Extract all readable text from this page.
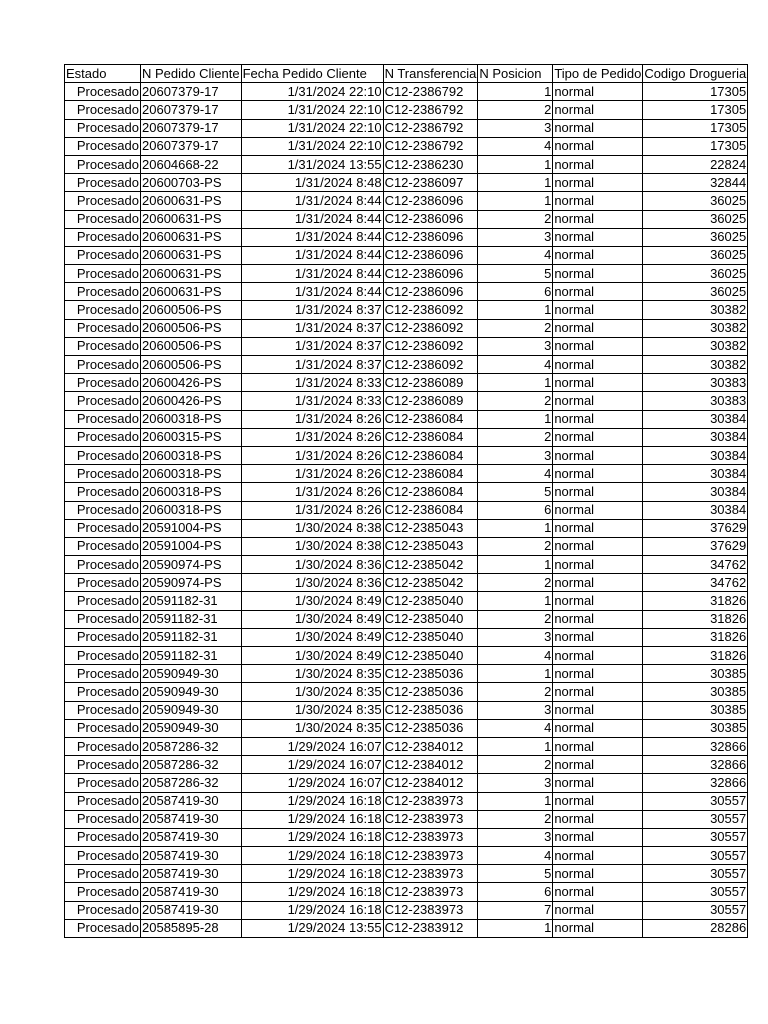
Estado	N Pedido Cliente	Fecha Pedido Cliente	N Transferencia	N Posicion	Tipo de Pedido	Codigo Drogueria
Procesado	20607379-17	1/31/2024 22:10	C12-2386792	1	normal	17305
Procesado	20607379-17	1/31/2024 22:10	C12-2386792	2	normal	17305
Procesado	20607379-17	1/31/2024 22:10	C12-2386792	3	normal	17305
Procesado	20607379-17	1/31/2024 22:10	C12-2386792	4	normal	17305
Procesado	20604668-22	1/31/2024 13:55	C12-2386230	1	normal	22824
Procesado	20600703-PS	1/31/2024 8:48	C12-2386097	1	normal	32844
Procesado	20600631-PS	1/31/2024 8:44	C12-2386096	1	normal	36025
Procesado	20600631-PS	1/31/2024 8:44	C12-2386096	2	normal	36025
Procesado	20600631-PS	1/31/2024 8:44	C12-2386096	3	normal	36025
Procesado	20600631-PS	1/31/2024 8:44	C12-2386096	4	normal	36025
Procesado	20600631-PS	1/31/2024 8:44	C12-2386096	5	normal	36025
Procesado	20600631-PS	1/31/2024 8:44	C12-2386096	6	normal	36025
Procesado	20600506-PS	1/31/2024 8:37	C12-2386092	1	normal	30382
Procesado	20600506-PS	1/31/2024 8:37	C12-2386092	2	normal	30382
Procesado	20600506-PS	1/31/2024 8:37	C12-2386092	3	normal	30382
Procesado	20600506-PS	1/31/2024 8:37	C12-2386092	4	normal	30382
Procesado	20600426-PS	1/31/2024 8:33	C12-2386089	1	normal	30383
Procesado	20600426-PS	1/31/2024 8:33	C12-2386089	2	normal	30383
Procesado	20600318-PS	1/31/2024 8:26	C12-2386084	1	normal	30384
Procesado	20600315-PS	1/31/2024 8:26	C12-2386084	2	normal	30384
Procesado	20600318-PS	1/31/2024 8:26	C12-2386084	3	normal	30384
Procesado	20600318-PS	1/31/2024 8:26	C12-2386084	4	normal	30384
Procesado	20600318-PS	1/31/2024 8:26	C12-2386084	5	normal	30384
Procesado	20600318-PS	1/31/2024 8:26	C12-2386084	6	normal	30384
Procesado	20591004-PS	1/30/2024 8:38	C12-2385043	1	normal	37629
Procesado	20591004-PS	1/30/2024 8:38	C12-2385043	2	normal	37629
Procesado	20590974-PS	1/30/2024 8:36	C12-2385042	1	normal	34762
Procesado	20590974-PS	1/30/2024 8:36	C12-2385042	2	normal	34762
Procesado	20591182-31	1/30/2024 8:49	C12-2385040	1	normal	31826
Procesado	20591182-31	1/30/2024 8:49	C12-2385040	2	normal	31826
Procesado	20591182-31	1/30/2024 8:49	C12-2385040	3	normal	31826
Procesado	20591182-31	1/30/2024 8:49	C12-2385040	4	normal	31826
Procesado	20590949-30	1/30/2024 8:35	C12-2385036	1	normal	30385
Procesado	20590949-30	1/30/2024 8:35	C12-2385036	2	normal	30385
Procesado	20590949-30	1/30/2024 8:35	C12-2385036	3	normal	30385
Procesado	20590949-30	1/30/2024 8:35	C12-2385036	4	normal	30385
Procesado	20587286-32	1/29/2024 16:07	C12-2384012	1	normal	32866
Procesado	20587286-32	1/29/2024 16:07	C12-2384012	2	normal	32866
Procesado	20587286-32	1/29/2024 16:07	C12-2384012	3	normal	32866
Procesado	20587419-30	1/29/2024 16:18	C12-2383973	1	normal	30557
Procesado	20587419-30	1/29/2024 16:18	C12-2383973	2	normal	30557
Procesado	20587419-30	1/29/2024 16:18	C12-2383973	3	normal	30557
Procesado	20587419-30	1/29/2024 16:18	C12-2383973	4	normal	30557
Procesado	20587419-30	1/29/2024 16:18	C12-2383973	5	normal	30557
Procesado	20587419-30	1/29/2024 16:18	C12-2383973	6	normal	30557
Procesado	20587419-30	1/29/2024 16:18	C12-2383973	7	normal	30557
Procesado	20585895-28	1/29/2024 13:55	C12-2383912	1	normal	28286
